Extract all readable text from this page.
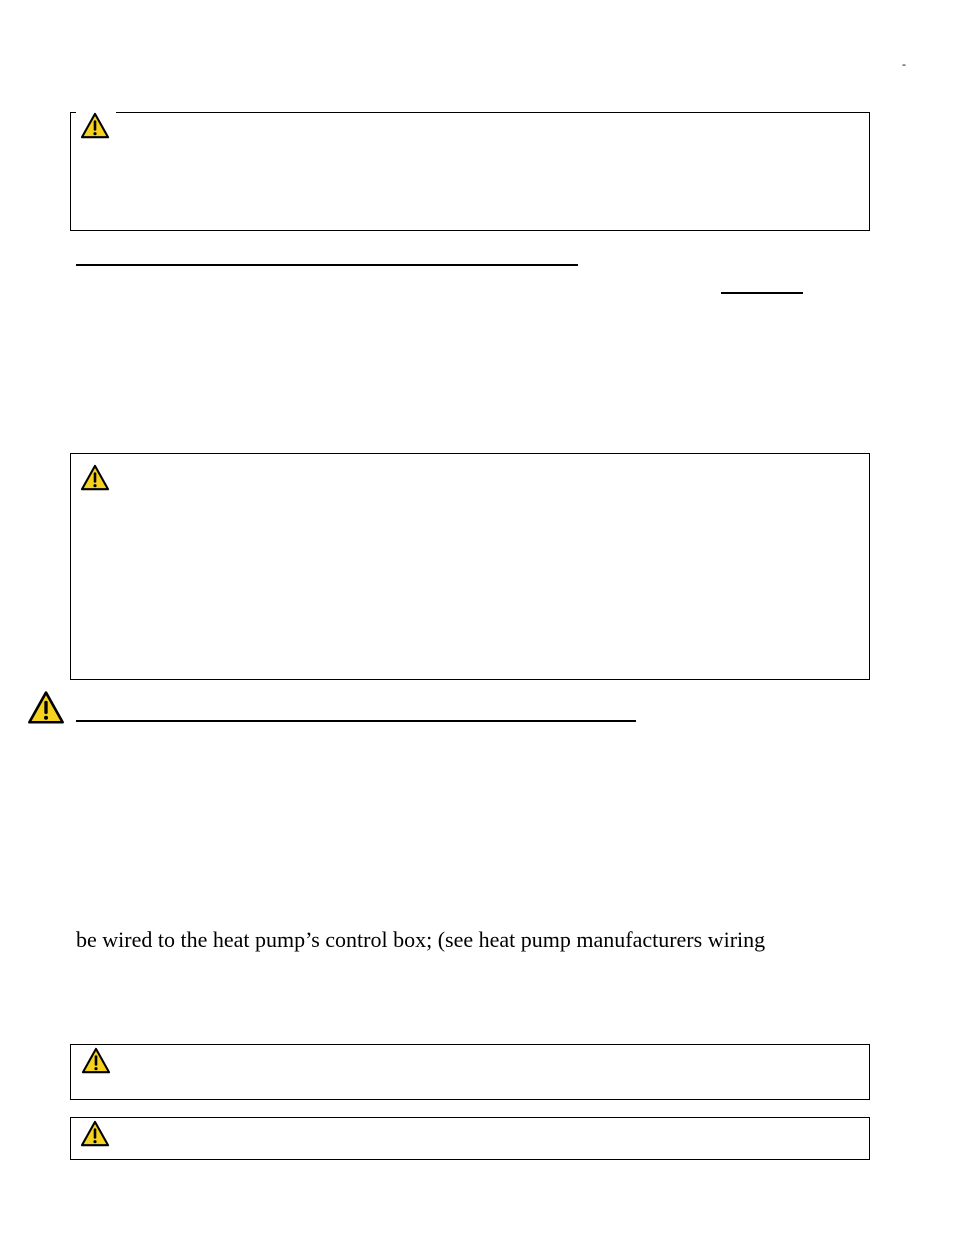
-
be wired to the heat pump’s control box; (see heat pump manufacturers wiring
